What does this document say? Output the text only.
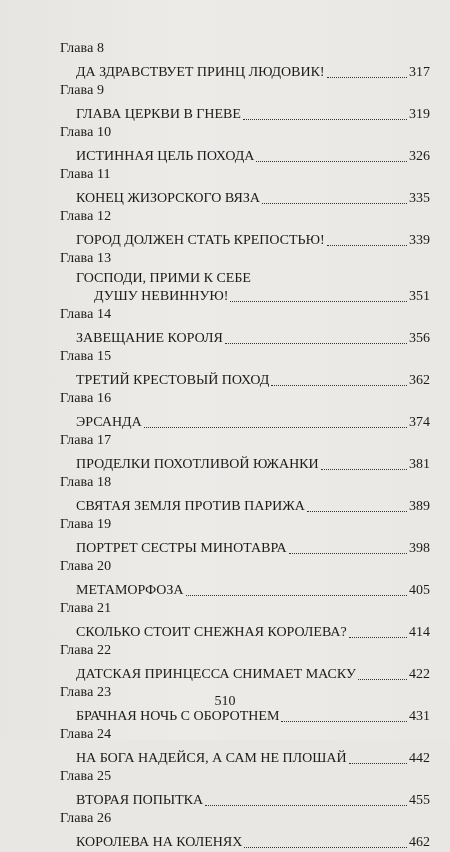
Глава 8
ДА ЗДРАВСТВУЕТ ПРИНЦ ЛЮДОВИК!	317
Глава 9
ГЛАВА ЦЕРКВИ В ГНЕВЕ	319
Глава 10
ИСТИННАЯ ЦЕЛЬ ПОХОДА	326
Глава 11
КОНЕЦ ЖИЗОРСКОГО ВЯЗА	335
Глава 12
ГОРОД ДОЛЖЕН СТАТЬ КРЕПОСТЬЮ!	339
Глава 13
ГОСПОДИ, ПРИМИ К СЕБЕ
ДУШУ НЕВИННУЮ!	351
Глава 14
ЗАВЕЩАНИЕ КОРОЛЯ	356
Глава 15
ТРЕТИЙ КРЕСТОВЫЙ ПОХОД	362
Глава 16
ЭРСАНДА	374
Глава 17
ПРОДЕЛКИ ПОХОТЛИВОЙ ЮЖАНКИ	381
Глава 18
СВЯТАЯ ЗЕМЛЯ ПРОТИВ ПАРИЖА	389
Глава 19
ПОРТРЕТ СЕСТРЫ МИНОТАВРА	398
Глава 20
МЕТАМОРФОЗА	405
Глава 21
СКОЛЬКО СТОИТ СНЕЖНАЯ КОРОЛЕВА?	414
Глава 22
ДАТСКАЯ ПРИНЦЕССА СНИМАЕТ МАСКУ	422
Глава 23
БРАЧНАЯ НОЧЬ С ОБОРОТНЕМ	431
Глава 24
НА БОГА НАДЕЙСЯ, А САМ НЕ ПЛОШАЙ	442
Глава 25
ВТОРАЯ ПОПЫТКА	455
Глава 26
КОРОЛЕВА НА КОЛЕНЯХ	462
510
